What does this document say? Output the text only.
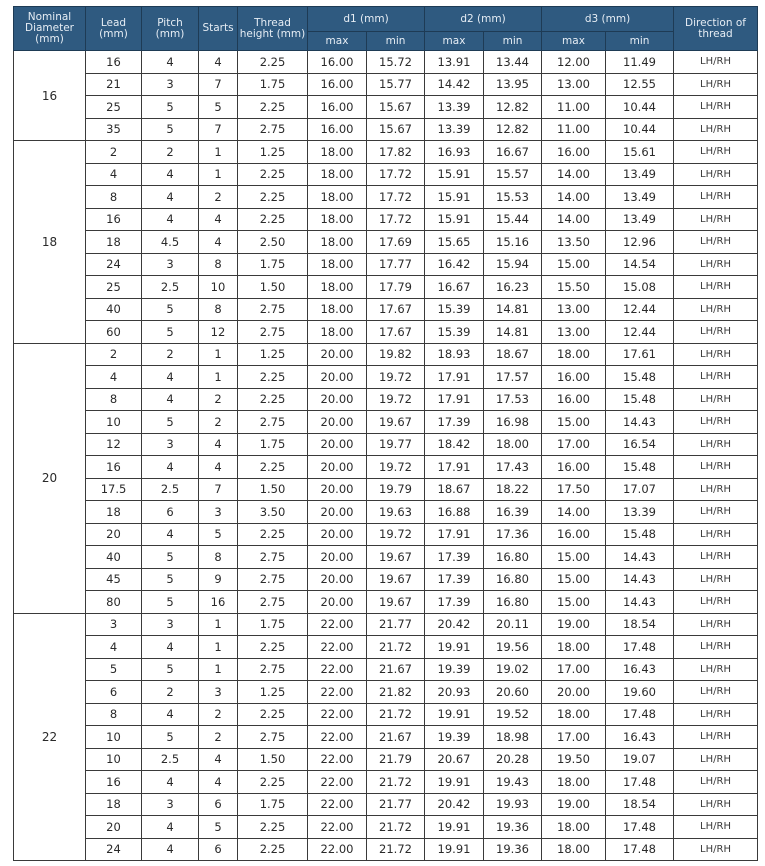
Nominal Diameter (mm)	Lead (mm)	Pitch (mm)	Starts	Thread height (mm)	d1 (mm)		d2 (mm)		d3 (mm)		Direction of thread
					max	min	max	min	max	min	
16	16	4	4	2.25	16.00	15.72	13.91	13.44	12.00	11.49	LH/RH
	21	3	7	1.75	16.00	15.77	14.42	13.95	13.00	12.55	LH/RH
	25	5	5	2.25	16.00	15.67	13.39	12.82	11.00	10.44	LH/RH
	35	5	7	2.75	16.00	15.67	13.39	12.82	11.00	10.44	LH/RH
18	2	2	1	1.25	18.00	17.82	16.93	16.67	16.00	15.61	LH/RH
	4	4	1	2.25	18.00	17.72	15.91	15.57	14.00	13.49	LH/RH
	8	4	2	2.25	18.00	17.72	15.91	15.53	14.00	13.49	LH/RH
	16	4	4	2.25	18.00	17.72	15.91	15.44	14.00	13.49	LH/RH
	18	4.5	4	2.50	18.00	17.69	15.65	15.16	13.50	12.96	LH/RH
	24	3	8	1.75	18.00	17.77	16.42	15.94	15.00	14.54	LH/RH
	25	2.5	10	1.50	18.00	17.79	16.67	16.23	15.50	15.08	LH/RH
	40	5	8	2.75	18.00	17.67	15.39	14.81	13.00	12.44	LH/RH
	60	5	12	2.75	18.00	17.67	15.39	14.81	13.00	12.44	LH/RH
20	2	2	1	1.25	20.00	19.82	18.93	18.67	18.00	17.61	LH/RH
	4	4	1	2.25	20.00	19.72	17.91	17.57	16.00	15.48	LH/RH
	8	4	2	2.25	20.00	19.72	17.91	17.53	16.00	15.48	LH/RH
	10	5	2	2.75	20.00	19.67	17.39	16.98	15.00	14.43	LH/RH
	12	3	4	1.75	20.00	19.77	18.42	18.00	17.00	16.54	LH/RH
	16	4	4	2.25	20.00	19.72	17.91	17.43	16.00	15.48	LH/RH
	17.5	2.5	7	1.50	20.00	19.79	18.67	18.22	17.50	17.07	LH/RH
	18	6	3	3.50	20.00	19.63	16.88	16.39	14.00	13.39	LH/RH
	20	4	5	2.25	20.00	19.72	17.91	17.36	16.00	15.48	LH/RH
	40	5	8	2.75	20.00	19.67	17.39	16.80	15.00	14.43	LH/RH
	45	5	9	2.75	20.00	19.67	17.39	16.80	15.00	14.43	LH/RH
	80	5	16	2.75	20.00	19.67	17.39	16.80	15.00	14.43	LH/RH
22	3	3	1	1.75	22.00	21.77	20.42	20.11	19.00	18.54	LH/RH
	4	4	1	2.25	22.00	21.72	19.91	19.56	18.00	17.48	LH/RH
	5	5	1	2.75	22.00	21.67	19.39	19.02	17.00	16.43	LH/RH
	6	2	3	1.25	22.00	21.82	20.93	20.60	20.00	19.60	LH/RH
	8	4	2	2.25	22.00	21.72	19.91	19.52	18.00	17.48	LH/RH
	10	5	2	2.75	22.00	21.67	19.39	18.98	17.00	16.43	LH/RH
	10	2.5	4	1.50	22.00	21.79	20.67	20.28	19.50	19.07	LH/RH
	16	4	4	2.25	22.00	21.72	19.91	19.43	18.00	17.48	LH/RH
	18	3	6	1.75	22.00	21.77	20.42	19.93	19.00	18.54	LH/RH
	20	4	5	2.25	22.00	21.72	19.91	19.36	18.00	17.48	LH/RH
	24	4	6	2.25	22.00	21.72	19.91	19.36	18.00	17.48	LH/RH
